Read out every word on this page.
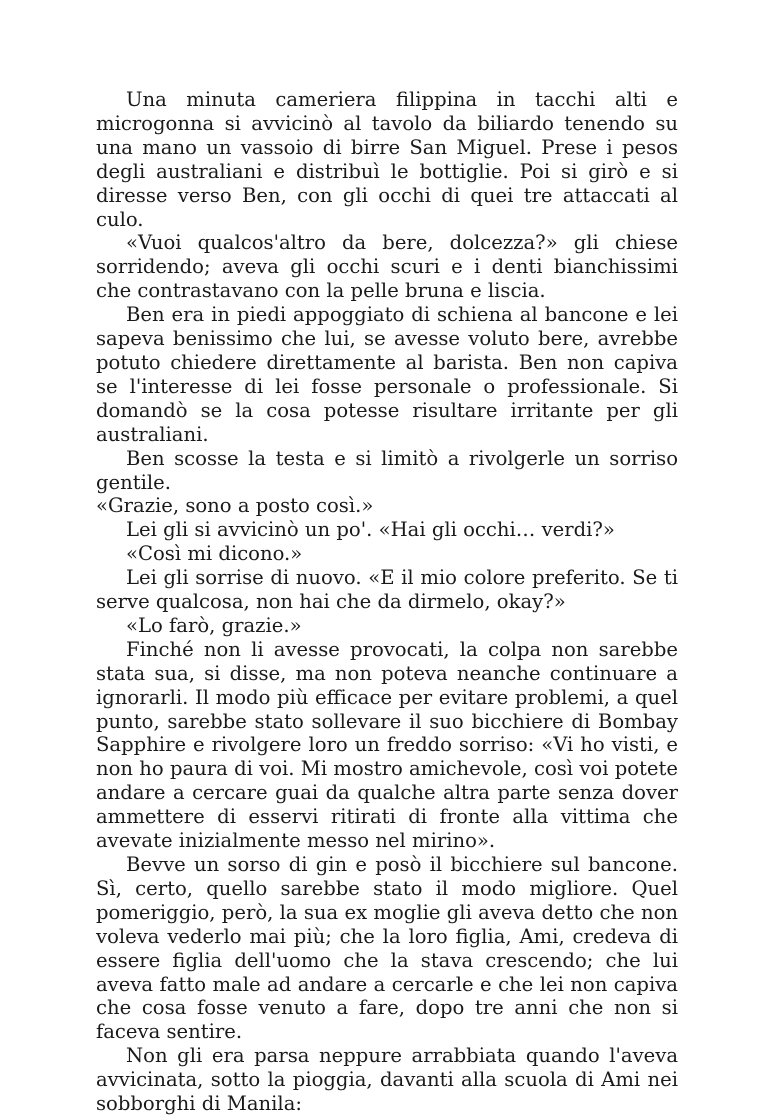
Una minuta cameriera filippina in tacchi alti e microgonna si avvicinò al tavolo da biliardo tenendo su una mano un vassoio di birre San Miguel. Prese i pesos degli australiani e distribuì le bottiglie. Poi si girò e si diresse verso Ben, con gli occhi di quei tre attaccati al culo.

«Vuoi qualcos'altro da bere, dolcezza?» gli chiese sorridendo; aveva gli occhi scuri e i denti bianchissimi che contrastavano con la pelle bruna e liscia.

Ben era in piedi appoggiato di schiena al bancone e lei sapeva benissimo che lui, se avesse voluto bere, avrebbe potuto chiedere direttamente al barista. Ben non capiva se l'interesse di lei fosse personale o professionale. Si domandò se la cosa potesse risultare irritante per gli australiani.

Ben scosse la testa e si limitò a rivolgerle un sorriso gentile.

«Grazie, sono a posto così.»

Lei gli si avvicinò un po'. «Hai gli occhi… verdi?»

«Così mi dicono.»

Lei gli sorrise di nuovo. «E il mio colore preferito. Se ti serve qualcosa, non hai che da dirmelo, okay?»

«Lo farò, grazie.»

Finché non li avesse provocati, la colpa non sarebbe stata sua, si disse, ma non poteva neanche continuare a ignorarli. Il modo più efficace per evitare problemi, a quel punto, sarebbe stato sollevare il suo bicchiere di Bombay Sapphire e rivolgere loro un freddo sorriso: «Vi ho visti, e non ho paura di voi. Mi mostro amichevole, così voi potete andare a cercare guai da qualche altra parte senza dover ammettere di esservi ritirati di fronte alla vittima che avevate inizialmente messo nel mirino».

Bevve un sorso di gin e posò il bicchiere sul bancone. Sì, certo, quello sarebbe stato il modo migliore. Quel pomeriggio, però, la sua ex moglie gli aveva detto che non voleva vederlo mai più; che la loro figlia, Ami, credeva di essere figlia dell'uomo che la stava crescendo; che lui aveva fatto male ad andare a cercarle e che lei non capiva che cosa fosse venuto a fare, dopo tre anni che non si faceva sentire.

Non gli era parsa neppure arrabbiata quando l'aveva avvicinata, sotto la pioggia, davanti alla scuola di Ami nei sobborghi di Manila:
